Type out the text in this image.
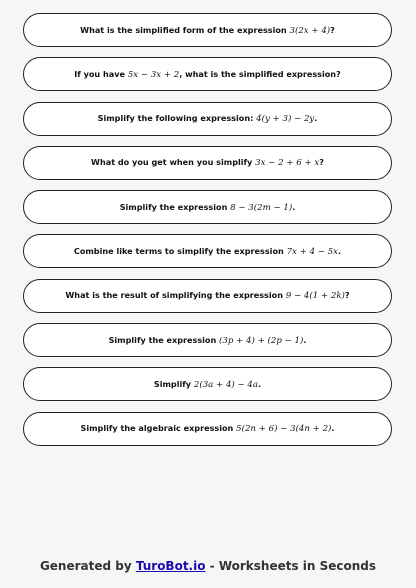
What is the simplified form of the expression 3(2x + 4)?
If you have 5x − 3x + 2, what is the simplified expression?
Simplify the following expression: 4(y + 3) − 2y.
What do you get when you simplify 3x − 2 + 6 + x?
Simplify the expression 8 − 3(2m − 1).
Combine like terms to simplify the expression 7x + 4 − 5x.
What is the result of simplifying the expression 9 − 4(1 + 2k)?
Simplify the expression (3p + 4) + (2p − 1).
Simplify 2(3a + 4) − 4a.
Simplify the algebraic expression 5(2n + 6) − 3(4n + 2).
Generated by TuroBot.io - Worksheets in Seconds
